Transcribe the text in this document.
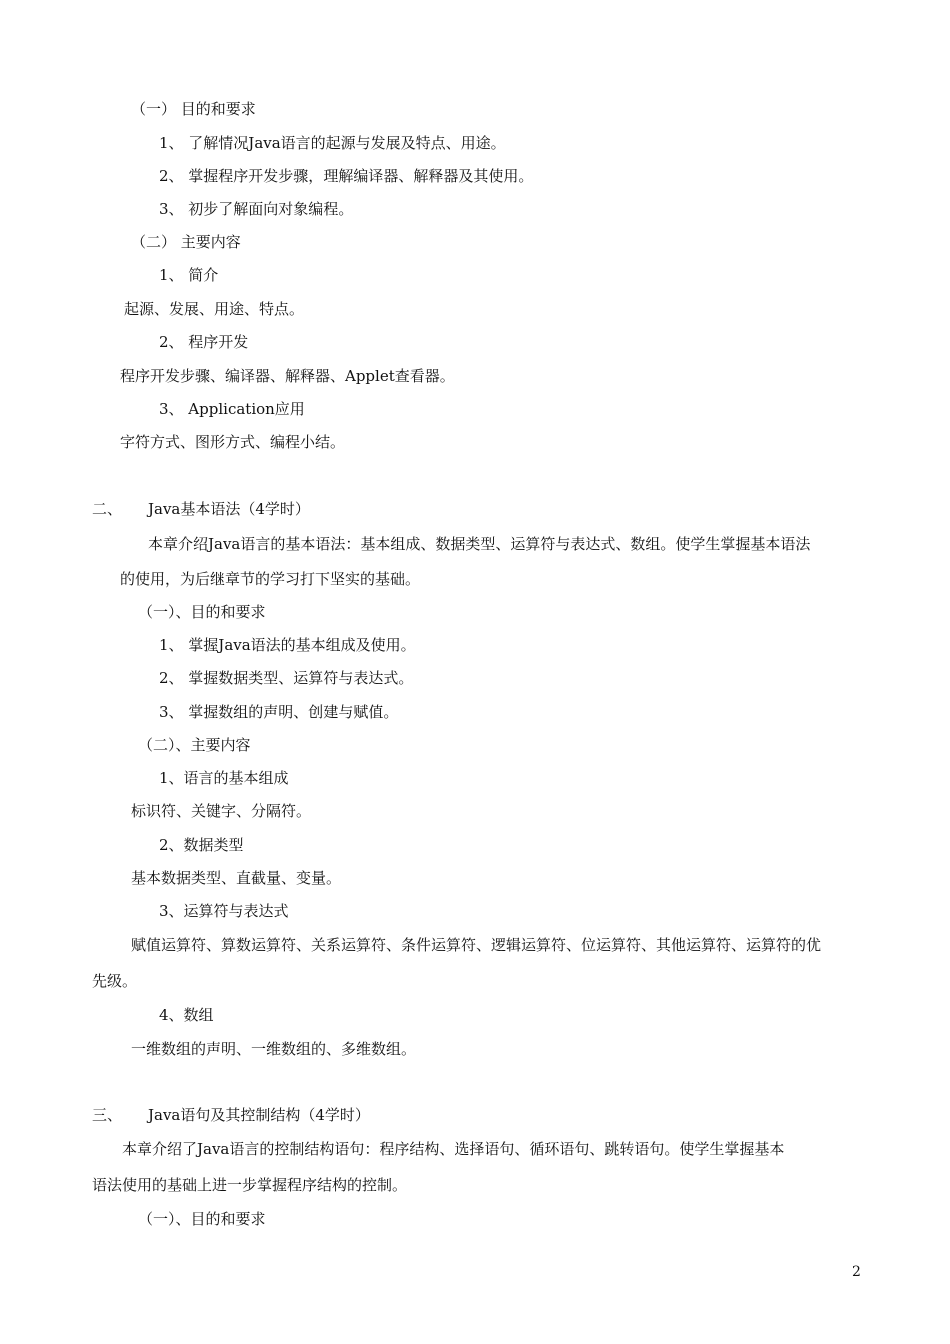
（一） 目的和要求

1、 了解情况Java语言的起源与发展及特点、用途。

2、 掌握程序开发步骤，理解编译器、解释器及其使用。

3、 初步了解面向对象编程。

（二） 主要内容

1、 简介

起源、发展、用途、特点。

2、 程序开发

程序开发步骤、编译器、解释器、Applet查看器。

3、 Application应用

字符方式、图形方式、编程小结。

二、 Java基本语法（4学时）

本章介绍Java语言的基本语法：基本组成、数据类型、运算符与表达式、数组。使学生掌握基本语法

的使用，为后继章节的学习打下坚实的基础。

（一）、目的和要求

1、 掌握Java语法的基本组成及使用。

2、 掌握数据类型、运算符与表达式。

3、 掌握数组的声明、创建与赋值。

（二）、主要内容

1、语言的基本组成

标识符、关键字、分隔符。

2、数据类型

基本数据类型、直截量、变量。

3、运算符与表达式

赋值运算符、算数运算符、关系运算符、条件运算符、逻辑运算符、位运算符、其他运算符、运算符的优

先级。

4、数组

一维数组的声明、一维数组的、多维数组。

三、 Java语句及其控制结构（4学时）

本章介绍了Java语言的控制结构语句：程序结构、选择语句、循环语句、跳转语句。使学生掌握基本

语法使用的基础上进一步掌握程序结构的控制。

（一）、目的和要求

2
